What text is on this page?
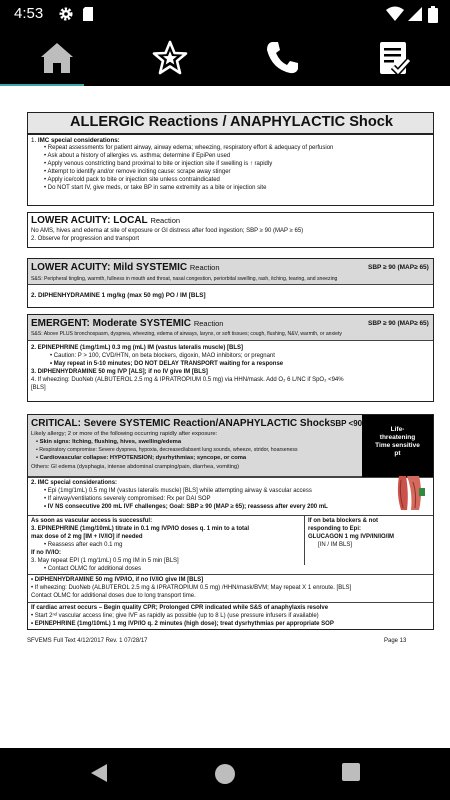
4:53
ALLERGIC Reactions / ANAPHYLACTIC Shock
1. IMC special considerations:
• Repeat assessments for patient airway, airway edema; wheezing, respiratory effort & adequacy of perfusion
• Ask about a history of allergies vs. asthma; determine if EpiPen used
• Apply venous constricting band proximal to bite or injection site if swelling is ↑ rapidly
• Attempt to identify and/or remove inciting cause: scrape away stinger
• Apply ice/cold pack to bite or injection site unless contraindicated
• Do NOT start IV, give meds, or take BP in same extremity as a bite or injection site
LOWER ACUITY: LOCAL Reaction
No AMS, hives and edema at site of exposure or GI distress after food ingestion; SBP ≥ 90 (MAP ≥ 65)
2. Observe for progression and transport
LOWER ACUITY: Mild SYSTEMIC Reaction	SBP ≥ 90 (MAP≥ 65)
S&S: Peripheral tingling, warmth, fullness in mouth and throat, nasal congestion, periorbital swelling, rash, itching, tearing, and sneezing
2. DIPHENHYDRAMINE 1 mg/kg (max 50 mg) PO / IM [BLS]
EMERGENT: Moderate SYSTEMIC Reaction	SBP ≥ 90 (MAP≥ 65)
S&S: Above PLUS bronchospasm, dyspnea, wheezing, edema of airways, larynx, or soft tissues; cough, flushing, N&V, warmth, or anxiety
2. EPINEPHRINE (1mg/1mL) 0.3 mg (mL) IM (vastus lateralis muscle) [BLS]
• Caution: P > 100, CVD/HTN, on beta blockers, digoxin, MAO inhibitors; or pregnant
• May repeat in 5-10 minutes; DO NOT DELAY TRANSPORT waiting for a response
3. DIPHENHYDRAMINE 50 mg IVP [ALS]; if no IV give IM [BLS]
4. If wheezing: DuoNeb (ALBUTEROL 2.5 mg & IPRATROPIUM 0.5 mg) via HHN/mask. Add O₂ 6 L/NC if SpO₂ <94%
[BLS]
CRITICAL: Severe SYSTEMIC Reaction/ANAPHYLACTIC Shock SBP <90
Likely allergy; 2 or more of the following occurring rapidly after exposure:
• Skin signs: Itching, flushing, hives, swelling/edema
• Respiratory compromise: Severe dyspnea, hypoxia, decreased/absent lung sounds, wheeze, stridor, hoarseness
• Cardiovascular collapse: HYPOTENSION; dysrhythmias; syncope, or coma
Others: GI edema (dysphagia, intense abdominal cramping/pain, diarrhea, vomiting)
Life-
threatening
Time sensitive
pt
2. IMC special considerations:
• Epi (1mg/1mL) 0.5 mg IM (vastus lateralis muscle) [BLS] while attempting airway & vascular access
• If airway/ventilations severely compromised: Rx per DAI SOP
• IV NS consecutive 200 mL IVF challenges; Goal: SBP ≥ 90 (MAP ≥ 65); reassess after every 200 mL
As soon as vascular access is successful:
3. EPINEPHRINE (1mg/10mL) titrate in 0.1 mg IVP/IO doses q. 1 min to a total
max dose of 2 mg [IM + IV/IO] if needed
• Reassess after each 0.1 mg
If no IV/IO:
3. May repeat EPI (1 mg/1mL) 0.5 mg IM in 5 min [BLS]
• Contact OLMC for additional doses
If on beta blockers & not
responding to Epi:
GLUCAGON 1 mg IVP/IN/IO/IM
[IN / IM BLS]
• DIPHENHYDRAMINE 50 mg IVP/IO, if no IV/IO give IM [BLS]
• If wheezing: DuoNeb (ALBUTEROL 2.5 mg & IPRATROPIUM 0.5 mg) /HHN/mask/BVM; May repeat X 1 enroute. [BLS]
Contact OLMC for additional doses due to long transport time.
If cardiac arrest occurs – Begin quality CPR; Prolonged CPR indicated while S&S of anaphylaxis resolve
• Start 2ⁿᵈ vascular access line; give IVF as rapidly as possible (up to 8 L) (use pressure infusers if available)
• EPINEPHRINE (1mg/10mL) 1 mg IVP/IO q. 2 minutes (high dose); treat dysrhythmias per appropriate SOP
SFVEMS Full Text 4/12/2017 Rev. 1 07/28/17	Page 13
